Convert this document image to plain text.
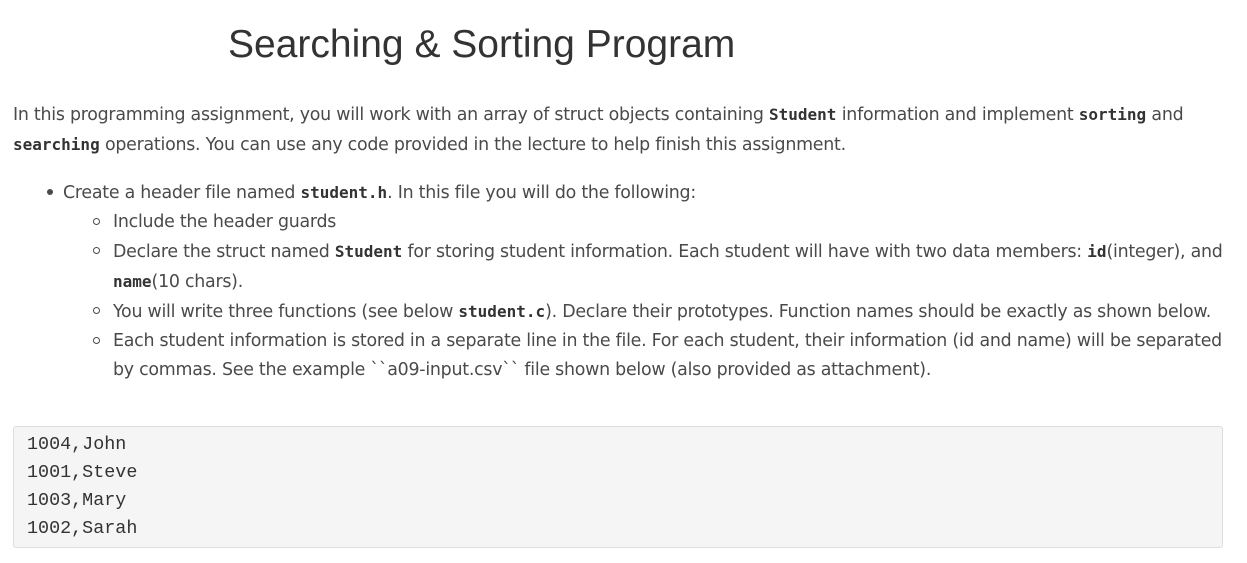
Searching & Sorting Program

In this programming assignment, you will work with an array of struct objects containing Student information and implement sorting and searching operations. You can use any code provided in the lecture to help finish this assignment.

Create a header file named student.h. In this file you will do the following:
Include the header guards
Declare the struct named Student for storing student information. Each student will have with two data members: id(integer), and name(10 chars).
You will write three functions (see below student.c). Declare their prototypes. Function names should be exactly as shown below.
Each student information is stored in a separate line in the file. For each student, their information (id and name) will be separated by commas. See the example ``a09-input.csv`` file shown below (also provided as attachment).
1004,John
1001,Steve
1003,Mary
1002,Sarah
